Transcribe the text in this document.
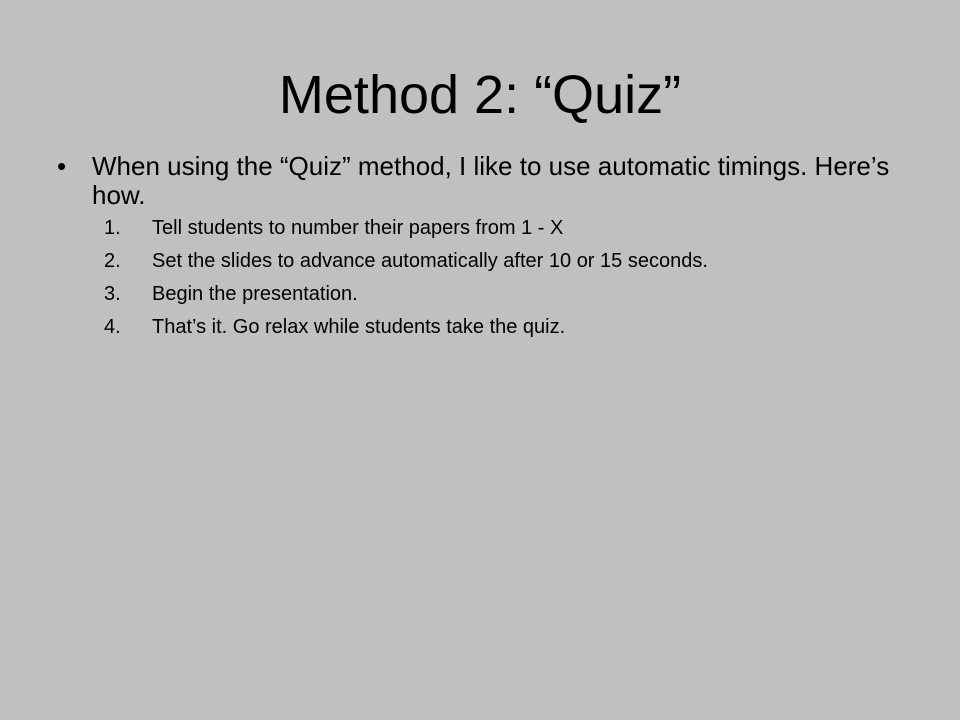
Method 2: “Quiz”
• When using the “Quiz” method, I like to use automatic timings. Here’s how.
1. Tell students to number their papers from 1 - X
2. Set the slides to advance automatically after 10 or 15 seconds.
3. Begin the presentation.
4. That’s it. Go relax while students take the quiz.
